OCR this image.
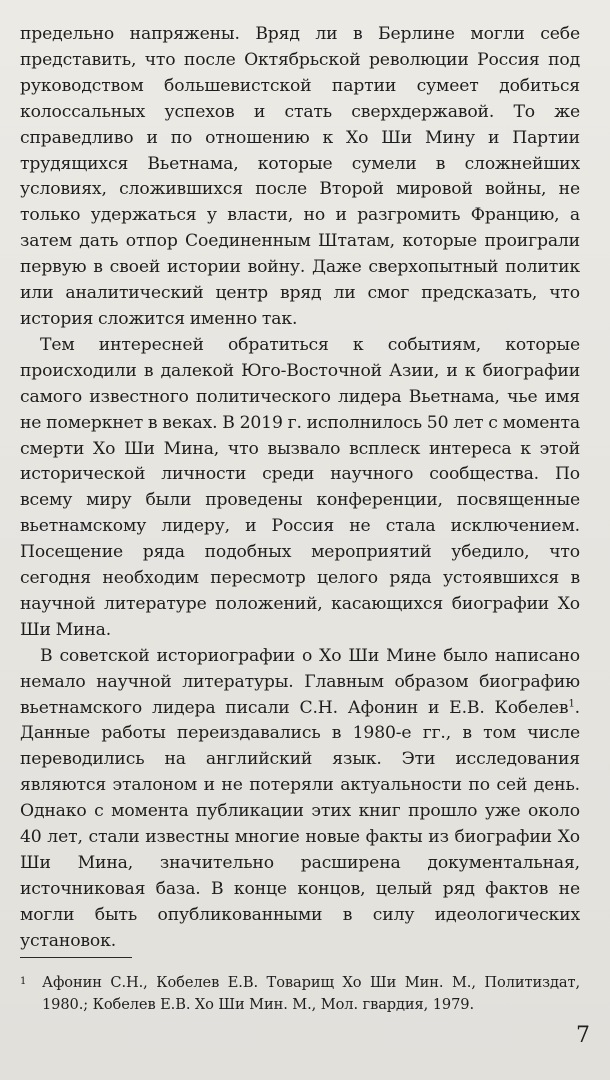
предельно напряжены. Вряд ли в Берлине могли себе представить, что после Октябрьской революции Россия под руководством большевистской партии сумеет добиться колоссальных успехов и стать сверхдержавой. То же справедливо и по отношению к Хо Ши Мину и Партии трудящихся Вьетнама, которые сумели в сложнейших условиях, сложившихся после Второй мировой войны, не только удержаться у власти, но и разгромить Францию, а затем дать отпор Соединенным Штатам, которые проиграли первую в своей истории войну. Даже сверхопытный политик или аналитический центр вряд ли смог предсказать, что история сложится именно так.

Тем интересней обратиться к событиям, которые происходили в далекой Юго-Восточной Азии, и к биографии самого известного политического лидера Вьетнама, чье имя не померкнет в веках. В 2019 г. исполнилось 50 лет с момента смерти Хо Ши Мина, что вызвало всплеск интереса к этой исторической личности среди научного сообщества. По всему миру были проведены конференции, посвященные вьетнамскому лидеру, и Россия не стала исключением. Посещение ряда подобных мероприятий убедило, что сегодня необходим пересмотр целого ряда устоявшихся в научной литературе положений, касающихся биографии Хо Ши Мина.

В советской историографии о Хо Ши Мине было написано немало научной литературы. Главным образом биографию вьетнамского лидера писали С.Н. Афонин и Е.В. Кобелев$^1$. Данные работы переиздавались в 1980-е гг., в том числе переводились на английский язык. Эти исследования являются эталоном и не потеряли актуальности по сей день. Однако с момента публикации этих книг прошло уже около 40 лет, стали известны многие новые факты из биографии Хо Ши Мина, значительно расширена документальная, источниковая база. В конце концов, целый ряд фактов не могли быть опубликованными в силу идеологических установок.

1	Афонин С.Н., Кобелев Е.В. Товарищ Хо Ши Мин. М., Политиздат, 1980.; Кобелев Е.В. Хо Ши Мин. М., Мол. гвардия, 1979.
7
